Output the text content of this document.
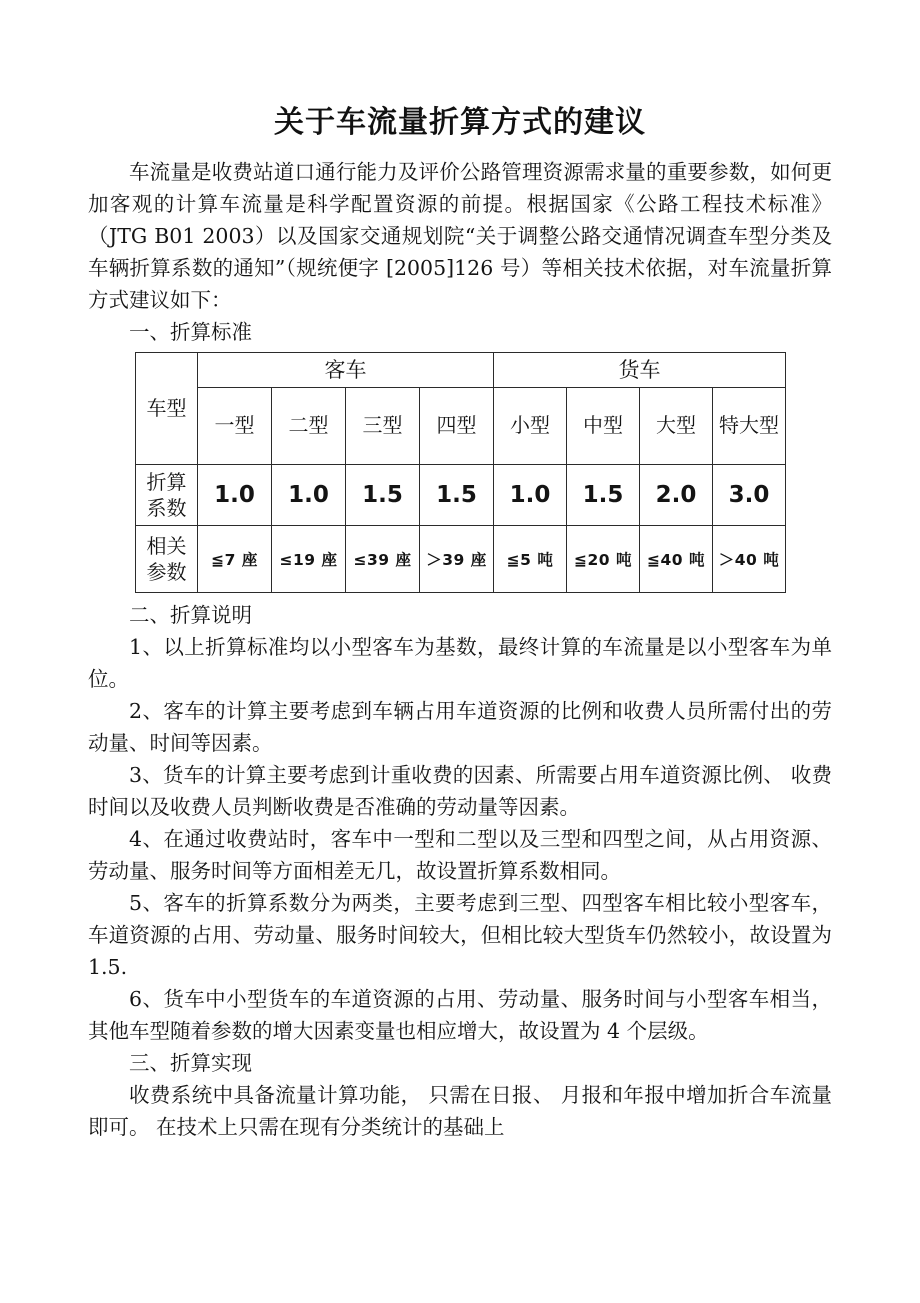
关于车流量折算方式的建议

车流量是收费站道口通行能力及评价公路管理资源需求量的重要参数，如何更加客观的计算车流量是科学配置资源的前提。根据国家《公路工程技术标准》 （JTG B01 2003）以及国家交通规划院“关于调整公路交通情况调查车型分类及车辆折算系数的通知”（规统便字 [2005]126 号）等相关技术依据，对车流量折算方式建议如下：

一、折算标准

车型	客车				货车			
	一型	二型	三型	四型	小型	中型	大型	特大型
折算系数	1.0	1.0	1.5	1.5	1.0	1.5	2.0	3.0
相关参数	≦7 座	≤19 座	≤39 座	＞39 座	≦5 吨	≦20 吨	≦40 吨	＞40 吨

二、折算说明

1、以上折算标准均以小型客车为基数，最终计算的车流量是以小型客车为单位。

2、客车的计算主要考虑到车辆占用车道资源的比例和收费人员所需付出的劳动量、时间等因素。

3、货车的计算主要考虑到计重收费的因素、所需要占用车道资源比例、 收费时间以及收费人员判断收费是否准确的劳动量等因素。

4、在通过收费站时，客车中一型和二型以及三型和四型之间，从占用资源、劳动量、服务时间等方面相差无几，故设置折算系数相同。

5、客车的折算系数分为两类，主要考虑到三型、四型客车相比较小型客车，车道资源的占用、劳动量、服务时间较大，但相比较大型货车仍然较小，故设置为    1.5.

6、货车中小型货车的车道资源的占用、劳动量、服务时间与小型客车相当， 其他车型随着参数的增大因素变量也相应增大，故设置为 4 个层级。

三、折算实现

收费系统中具备流量计算功能， 只需在日报、 月报和年报中增加折合车流量即可。 在技术上只需在现有分类统计的基础上
